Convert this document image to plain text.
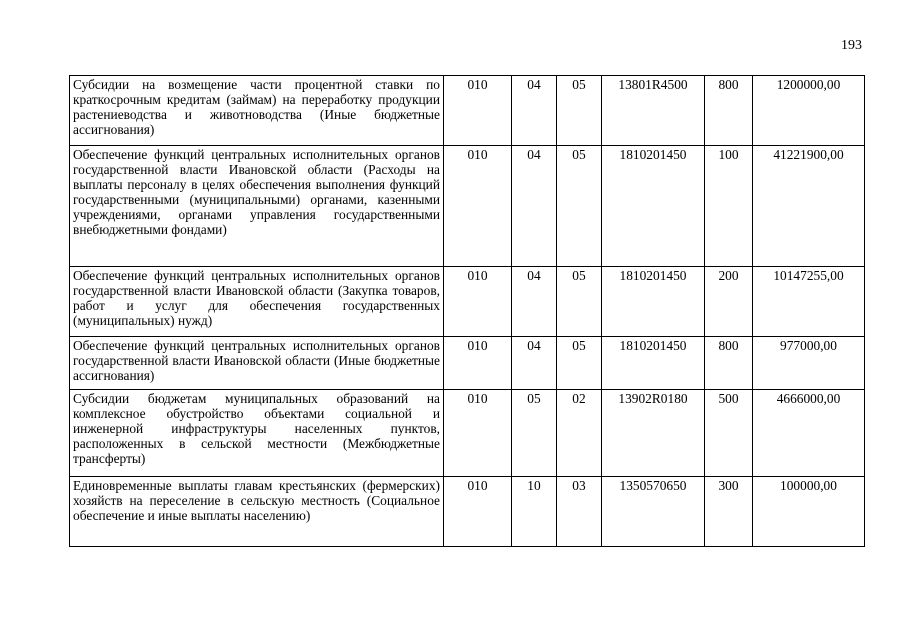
193
Субсидии на возмещение части процентной ставки по краткосрочным кредитам (займам) на переработку продукции растениеводства и животноводства (Иные бюджетные ассигнования)	010	04	05	13801R4500	800	1200000,00
Обеспечение функций центральных исполнительных органов государственной власти Ивановской области (Расходы на выплаты персоналу в целях обеспечения выполнения функций государственными (муниципальными) органами, казенными учреждениями, органами управления государственными внебюджетными фондами)	010	04	05	1810201450	100	41221900,00
Обеспечение функций центральных исполнительных органов государственной власти Ивановской области (Закупка товаров, работ и услуг для обеспечения государственных (муниципальных) нужд)	010	04	05	1810201450	200	10147255,00
Обеспечение функций центральных исполнительных органов государственной власти Ивановской области (Иные бюджетные ассигнования)	010	04	05	1810201450	800	977000,00
Субсидии бюджетам муниципальных образований на комплексное обустройство объектами социальной и инженерной инфраструктуры населенных пунктов, расположенных в сельской местности (Межбюджетные трансферты)	010	05	02	13902R0180	500	4666000,00
Единовременные выплаты главам крестьянских (фермерских) хозяйств на переселение в сельскую местность (Социальное обеспечение и иные выплаты населению)	010	10	03	1350570650	300	100000,00
